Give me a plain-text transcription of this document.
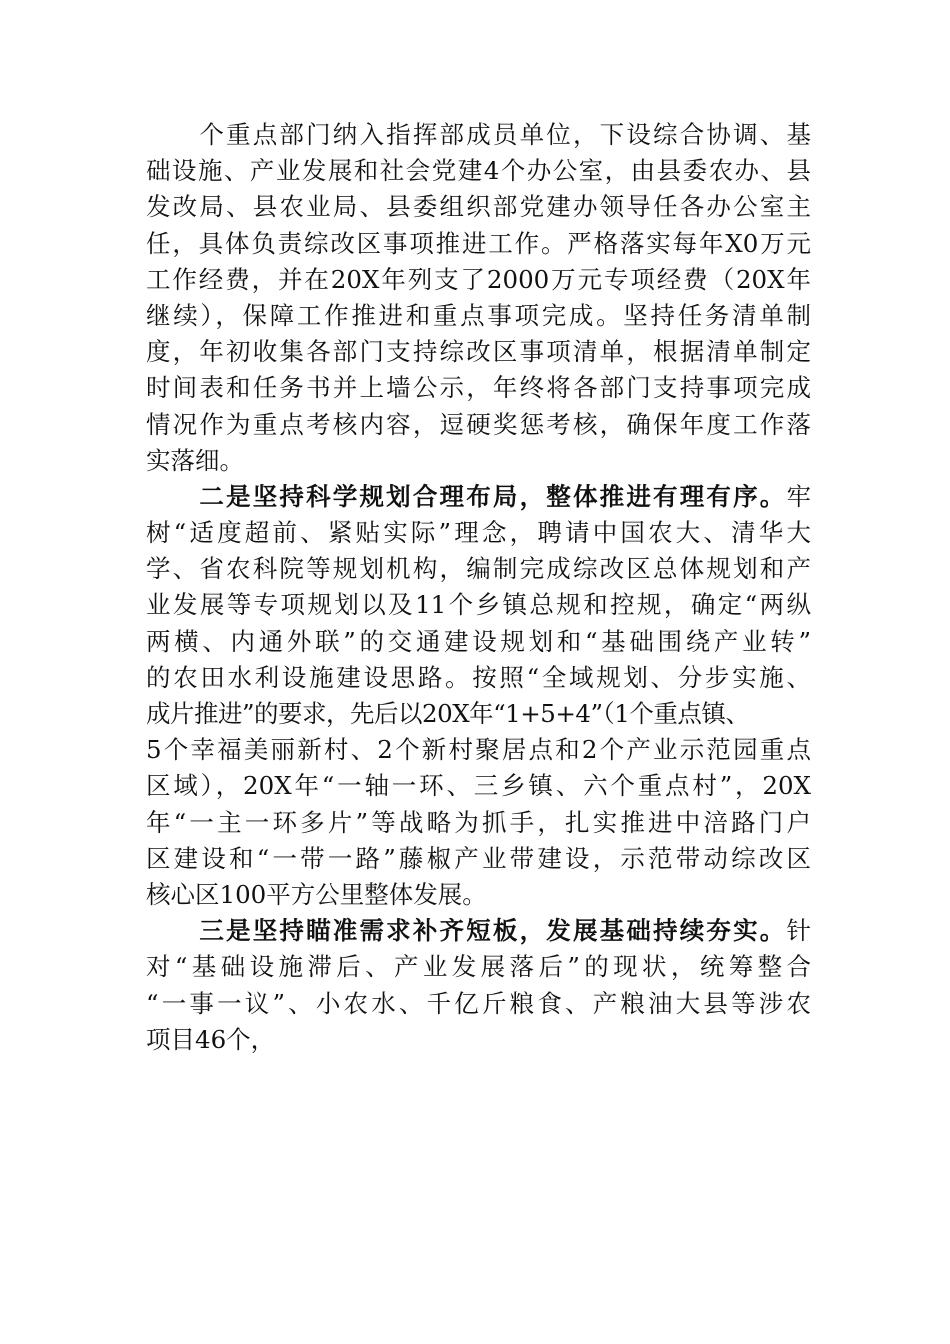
　　个重点部门纳入指挥部成员单位，下设综合协调、基
础设施、产业发展和社会党建4个办公室，由县委农办、县
发改局、县农业局、县委组织部党建办领导任各办公室主
任，具体负责综改区事项推进工作。严格落实每年X0万元
工作经费，并在20X年列支了2000万元专项经费（20X年
继续），保障工作推进和重点事项完成。坚持任务清单制
度，年初收集各部门支持综改区事项清单，根据清单制定
时间表和任务书并上墙公示，年终将各部门支持事项完成
情况作为重点考核内容，逗硬奖惩考核，确保年度工作落
实落细。
　　二是坚持科学规划合理布局，整体推进有理有序。牢
树“适度超前、紧贴实际”理念，聘请中国农大、清华大
学、省农科院等规划机构，编制完成综改区总体规划和产
业发展等专项规划以及11个乡镇总规和控规，确定“两纵
两横、内通外联”的交通建设规划和“基础围绕产业转”
的农田水利设施建设思路。按照“全域规划、分步实施、
成片推进”的要求，先后以20X年“1+5+4”（1个重点镇、
5个幸福美丽新村、2个新村聚居点和2个产业示范园重点
区域），20X年“一轴一环、三乡镇、六个重点村”，20X
年“一主一环多片”等战略为抓手，扎实推进中涪路门户
区建设和“一带一路”藤椒产业带建设，示范带动综改区
核心区100平方公里整体发展。
　　三是坚持瞄准需求补齐短板，发展基础持续夯实。针
对“基础设施滞后、产业发展落后”的现状，统筹整合
“一事一议”、小农水、千亿斤粮食、产粮油大县等涉农
项目46个，
